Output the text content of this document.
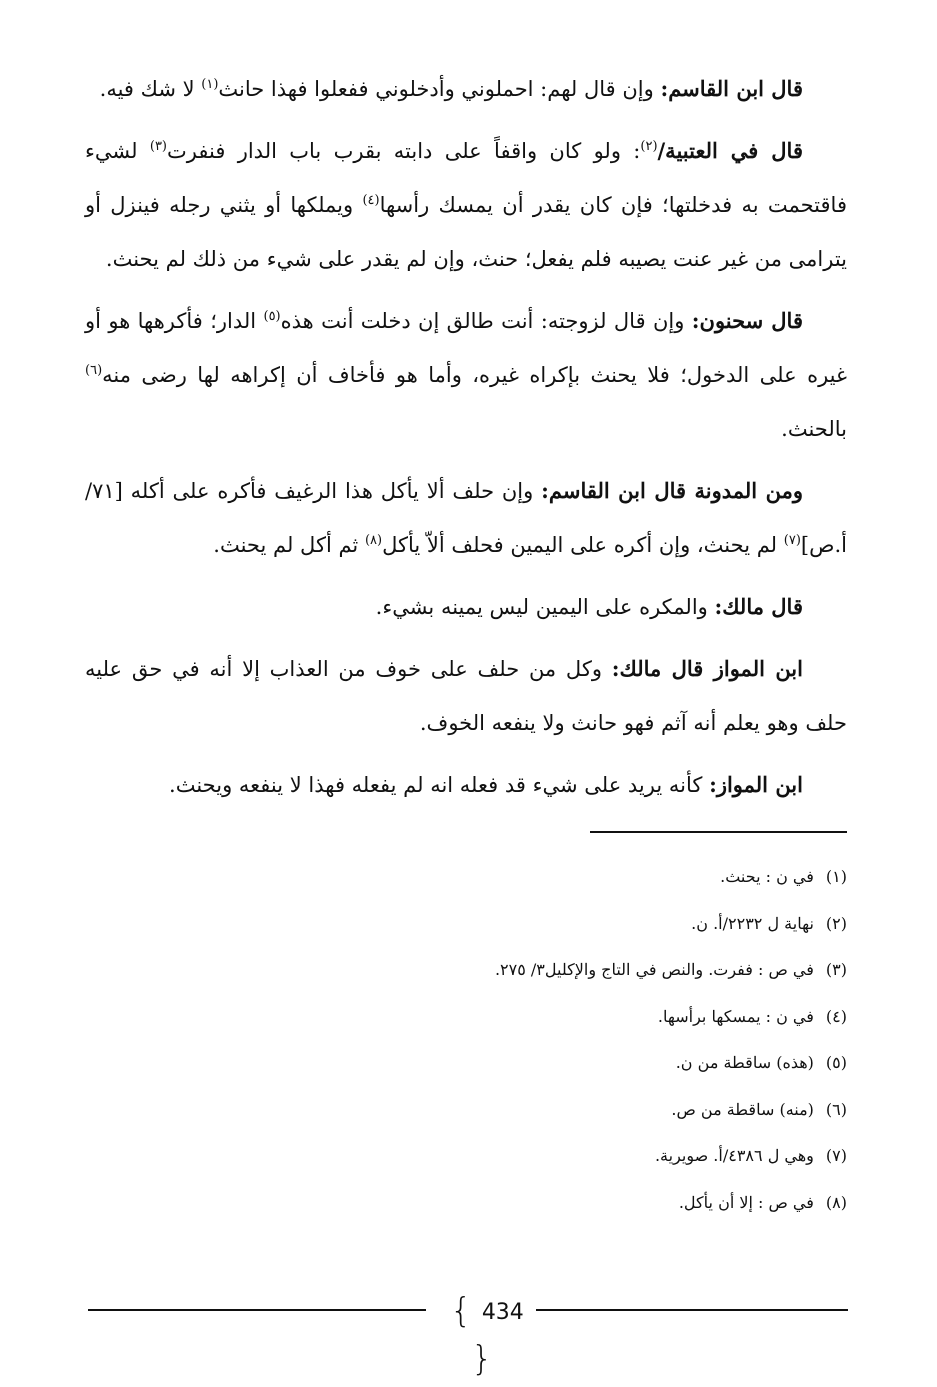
قال ابن القاسم: وإن قال لهم: احملوني وأدخلوني ففعلوا فهذا حانث$^{(١)}$ لا شك فيه.

قال في العتبية/$^{(٢)}$: ولو كان واقفاً على دابته بقرب باب الدار فنفرت$^{(٣)}$ لشيء فاقتحمت به فدخلتها؛ فإن كان يقدر أن يمسك رأسها$^{(٤)}$ ويملكها أو يثني رجله فينزل أو يترامى من غير عنت يصيبه فلم يفعل؛ حنث، وإن لم يقدر على شيء من ذلك لم يحنث.

قال سحنون: وإن قال لزوجته: أنت طالق إن دخلت أنت هذه$^{(٥)}$ الدار؛ فأكرهها هو أو غيره على الدخول؛ فلا يحنث بإكراه غيره، وأما هو فأخاف أن إكراهه لها رضى منه$^{(٦)}$ بالحنث.

ومن المدونة قال ابن القاسم: وإن حلف ألا يأكل هذا الرغيف فأكره على أكله [٧١/أ.ص]$^{(٧)}$ لم يحنث، وإن أكره على اليمين فحلف ألاّ يأكل$^{(٨)}$ ثم أكل لم يحنث.

قال مالك: والمكره على اليمين ليس يمينه بشيء.

ابن المواز قال مالك: وكل من حلف على خوف من العذاب إلا أنه في حق عليه حلف وهو يعلم أنه آثم فهو حانث ولا ينفعه الخوف.

ابن المواز: كأنه يريد على شيء قد فعله انه لم يفعله فهذا لا ينفعه ويحنث.

(١)في ن : يحنث.
(٢)نهاية ل ٢٢٣٢/أ. ن.
(٣)في ص : ففرت. والنص في التاج والإكليل٣/ ٢٧٥.
(٤)في ن : يمسكها برأسها.
(٥)(هذه) ساقطة من ن.
(٦)(منه) ساقطة من ص.
(٧)وهي ل ٤٣٨٦/أ. صويرية.
(٨)في ص : إلا أن يأكل.
{ 434}
